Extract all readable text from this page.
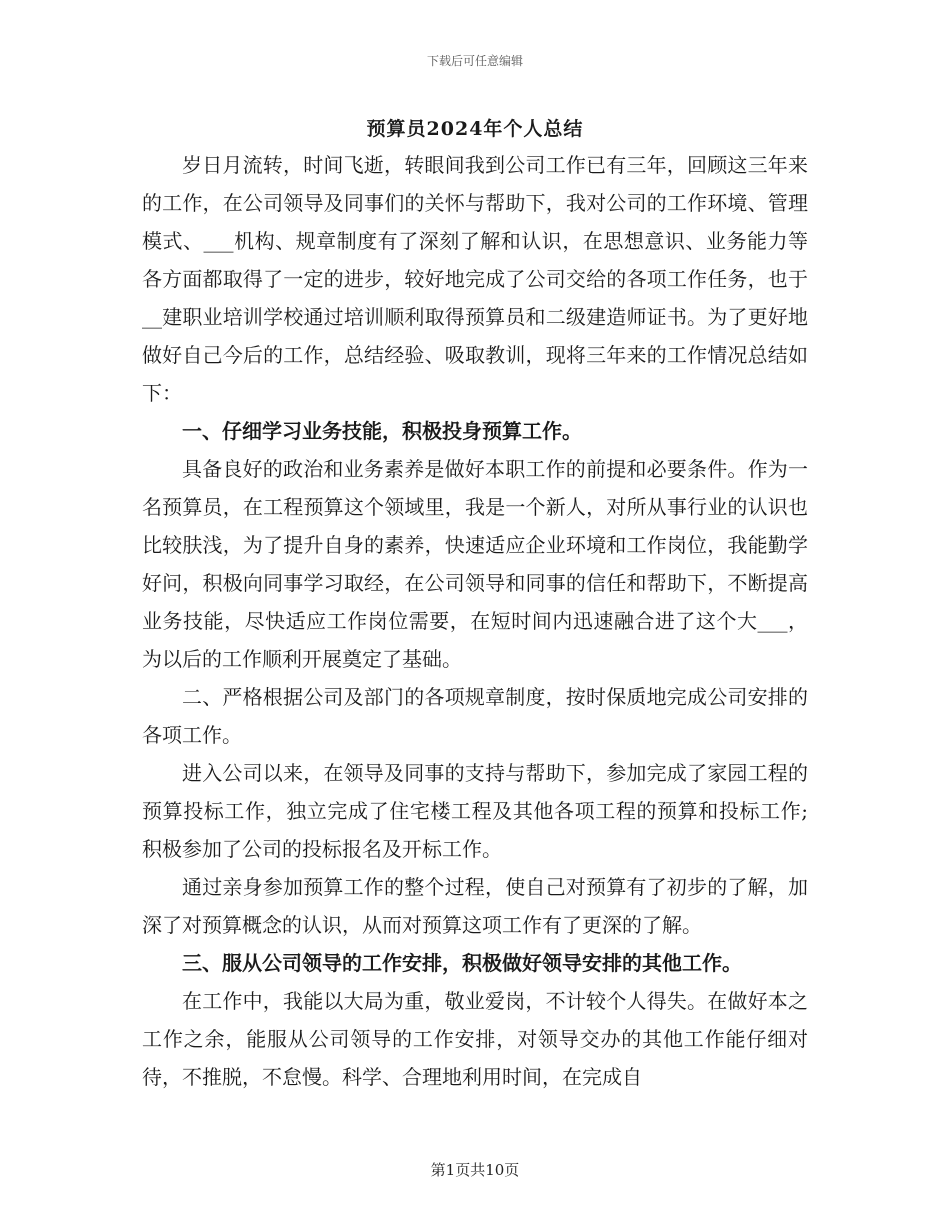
下载后可任意编辑
预算员2024年个人总结

岁日月流转，时间飞逝，转眼间我到公司工作已有三年，回顾这三年来的工作，在公司领导及同事们的关怀与帮助下，我对公司的工作环境、管理模式、___机构、规章制度有了深刻了解和认识，在思想意识、业务能力等各方面都取得了一定的进步，较好地完成了公司交给的各项工作任务，也于__建职业培训学校通过培训顺利取得预算员和二级建造师证书。为了更好地做好自己今后的工作，总结经验、吸取教训，现将三年来的工作情况总结如下：

一、仔细学习业务技能，积极投身预算工作。

具备良好的政治和业务素养是做好本职工作的前提和必要条件。作为一名预算员，在工程预算这个领域里，我是一个新人，对所从事行业的认识也比较肤浅，为了提升自身的素养，快速适应企业环境和工作岗位，我能勤学好问，积极向同事学习取经，在公司领导和同事的信任和帮助下，不断提高业务技能，尽快适应工作岗位需要，在短时间内迅速融合进了这个大___，为以后的工作顺利开展奠定了基础。

二、严格根据公司及部门的各项规章制度，按时保质地完成公司安排的各项工作。

进入公司以来，在领导及同事的支持与帮助下，参加完成了家园工程的预算投标工作，独立完成了住宅楼工程及其他各项工程的预算和投标工作;积极参加了公司的投标报名及开标工作。

通过亲身参加预算工作的整个过程，使自己对预算有了初步的了解，加深了对预算概念的认识，从而对预算这项工作有了更深的了解。

三、服从公司领导的工作安排，积极做好领导安排的其他工作。

在工作中，我能以大局为重，敬业爱岗，不计较个人得失。在做好本之工作之余，能服从公司领导的工作安排，对领导交办的其他工作能仔细对待，不推脱，不怠慢。科学、合理地利用时间，在完成自

第1页共10页
